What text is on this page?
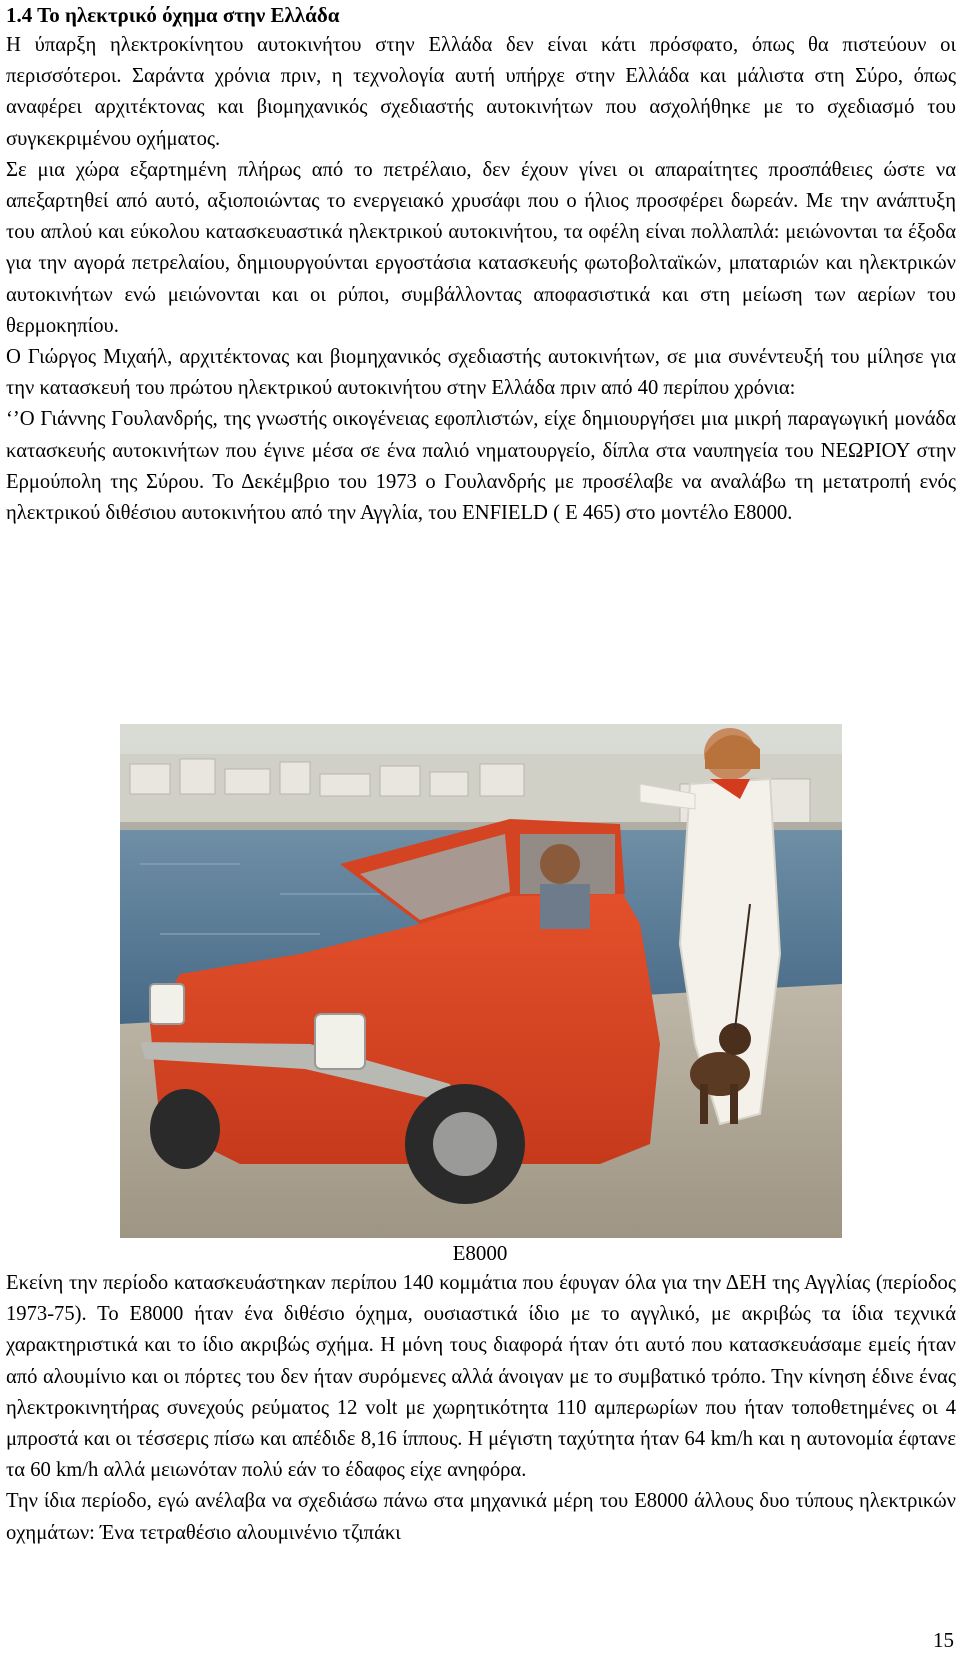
1.4 Το ηλεκτρικό όχημα στην Ελλάδα

Η ύπαρξη ηλεκτροκίνητου αυτοκινήτου στην Ελλάδα δεν είναι κάτι πρόσφατο, όπως θα πιστεύουν οι περισσότεροι. Σαράντα χρόνια πριν, η τεχνολογία αυτή υπήρχε στην Ελλάδα και μάλιστα στη Σύρο, όπως αναφέρει αρχιτέκτονας και βιομηχανικός σχεδιαστής αυτοκινήτων που ασχολήθηκε με το σχεδιασμό του συγκεκριμένου οχήματος.

Σε μια χώρα εξαρτημένη πλήρως από το πετρέλαιο, δεν έχουν γίνει οι απαραίτητες προσπάθειες ώστε να απεξαρτηθεί από αυτό, αξιοποιώντας το ενεργειακό χρυσάφι που ο ήλιος προσφέρει δωρεάν. Με την ανάπτυξη του απλού και εύκολου κατασκευαστικά ηλεκτρικού αυτοκινήτου, τα οφέλη είναι πολλαπλά: μειώνονται τα έξοδα για την αγορά πετρελαίου, δημιουργούνται εργοστάσια κατασκευής φωτοβολταϊκών, μπαταριών και ηλεκτρικών αυτοκινήτων ενώ μειώνονται και οι ρύποι, συμβάλλοντας αποφασιστικά και στη μείωση των αερίων του θερμοκηπίου.

Ο Γιώργος Μιχαήλ, αρχιτέκτονας και βιομηχανικός σχεδιαστής αυτοκινήτων, σε μια συνέντευξή του μίλησε για την κατασκευή του πρώτου ηλεκτρικού αυτοκινήτου στην Ελλάδα πριν από 40 περίπου χρόνια:

‘’Ο Γιάννης Γουλανδρής, της γνωστής οικογένειας εφοπλιστών, είχε δημιουργήσει μια μικρή παραγωγική μονάδα κατασκευής αυτοκινήτων που έγινε μέσα σε ένα παλιό νηματουργείο, δίπλα στα ναυπηγεία του ΝΕΩΡΙΟΥ στην Ερμούπολη της Σύρου. Το Δεκέμβριο του 1973 ο Γουλανδρής με προσέλαβε να αναλάβω τη μετατροπή ενός ηλεκτρικού διθέσιου αυτοκινήτου από την Αγγλία, του ENFIELD ( E 465) στο μοντέλο E8000.

E8000

Εκείνη την περίοδο κατασκευάστηκαν περίπου 140 κομμάτια που έφυγαν όλα για την ΔΕΗ της Αγγλίας (περίοδος 1973-75). Το E8000 ήταν ένα διθέσιο όχημα, ουσιαστικά ίδιο με το αγγλικό, με ακριβώς τα ίδια τεχνικά χαρακτηριστικά και το ίδιο ακριβώς σχήμα. Η μόνη τους διαφορά ήταν ότι αυτό που κατασκευάσαμε εμείς ήταν από αλουμίνιο και οι πόρτες του δεν ήταν συρόμενες αλλά άνοιγαν με το συμβατικό τρόπο. Την κίνηση έδινε ένας ηλεκτροκινητήρας συνεχούς ρεύματος 12 volt με χωρητικότητα 110 αμπερωρίων που ήταν τοποθετημένες οι 4 μπροστά και οι τέσσερις πίσω και απέδιδε 8,16 ίππους. Η μέγιστη ταχύτητα ήταν 64 km/h και η αυτονομία έφτανε τα 60 km/h αλλά μειωνόταν πολύ εάν το έδαφος είχε ανηφόρα.

Την ίδια περίοδο, εγώ ανέλαβα να σχεδιάσω πάνω στα μηχανικά μέρη του E8000 άλλους δυο τύπους ηλεκτρικών οχημάτων: Ένα τετραθέσιο αλουμινένιο τζιπάκι

15
